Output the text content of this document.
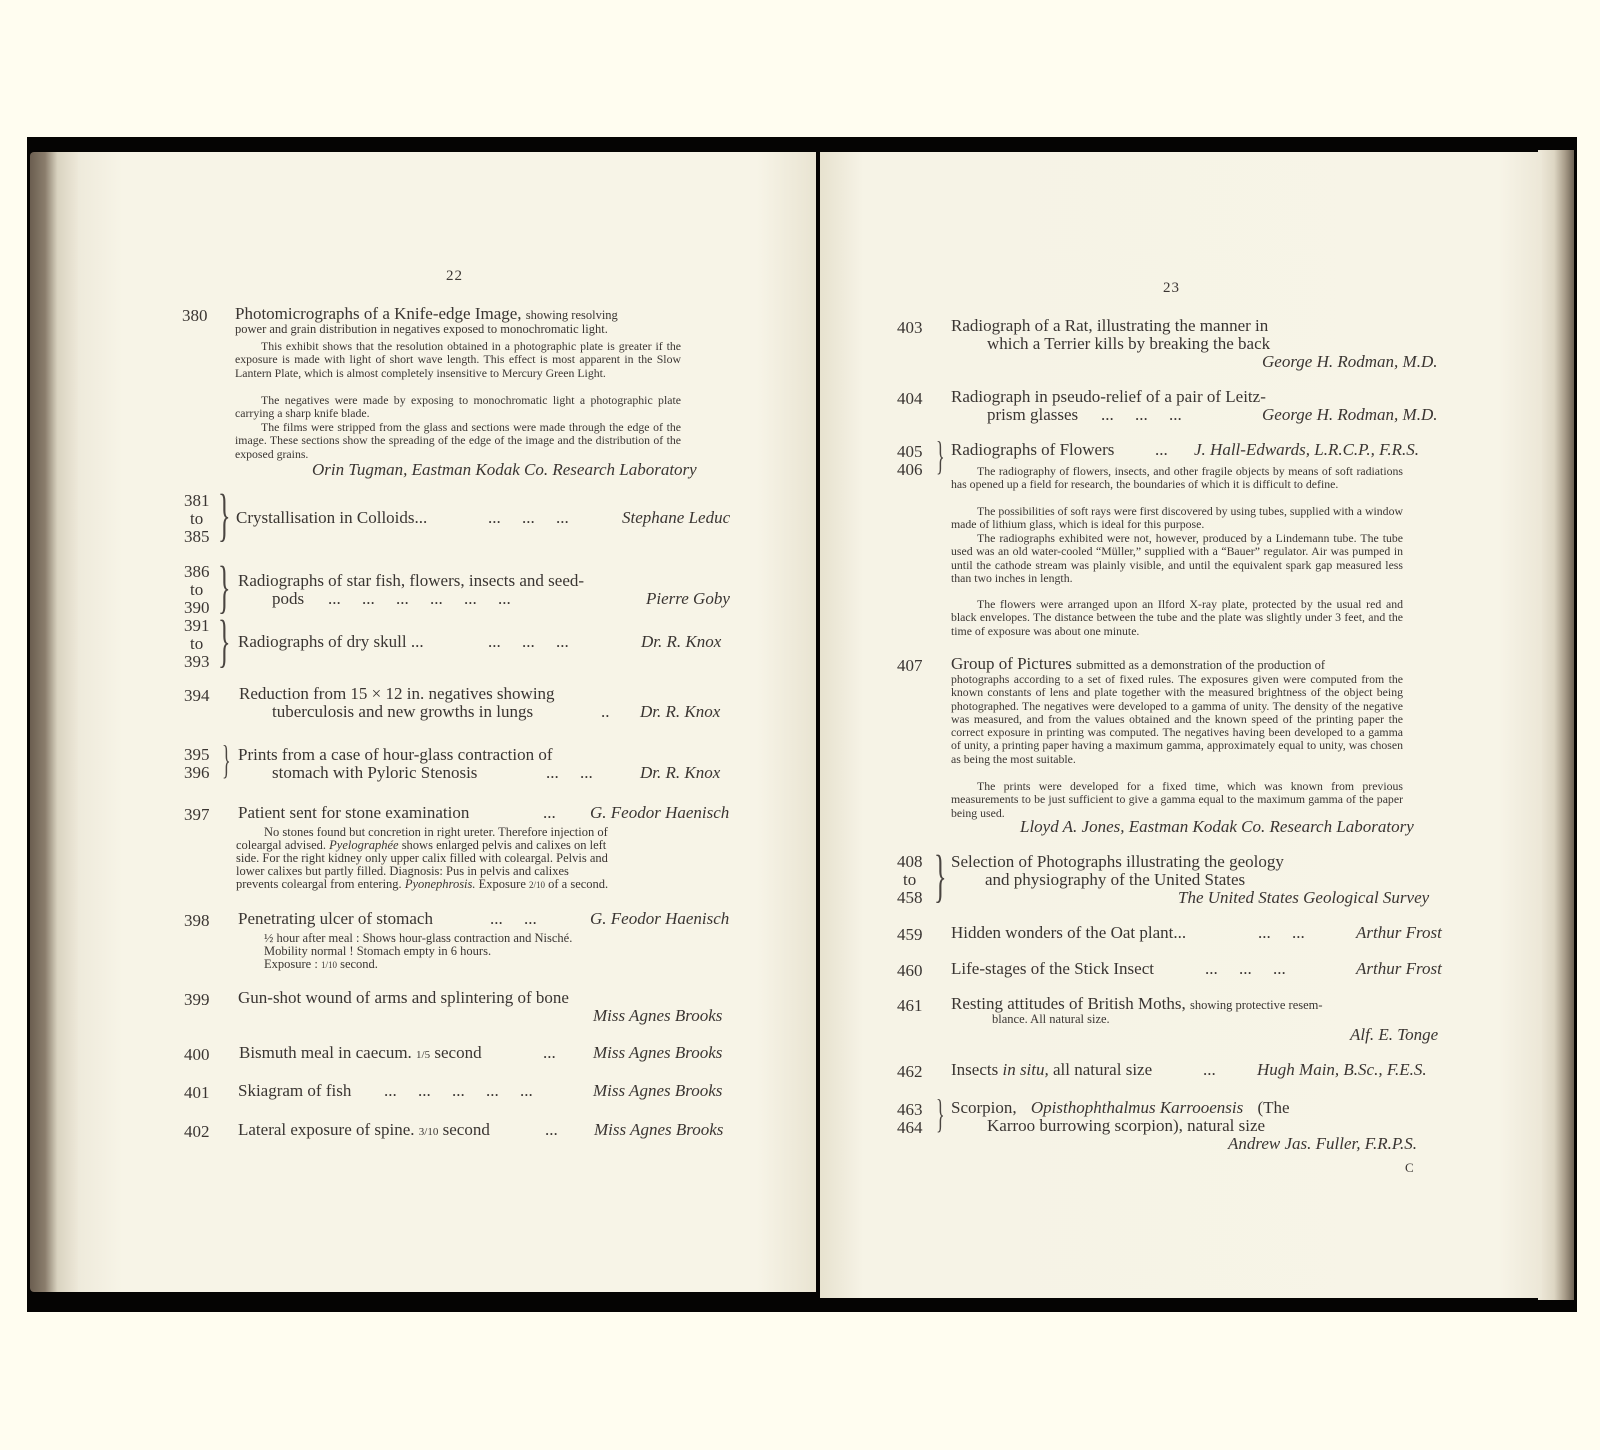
22
380 Photomicrographs of a Knife-edge Image, showing resolving
power and grain distribution in negatives exposed to monochromatic light.
This exhibit shows that the resolution obtained in a photographic plate is greater if the exposure is made with light of short wave length. This effect is most apparent in the Slow Lantern Plate, which is almost completely insensitive to Mercury Green Light.
The negatives were made by exposing to monochromatic light a photographic plate carrying a sharp knife blade.
The films were stripped from the glass and sections were made through the edge of the image. These sections show the spreading of the edge of the image and the distribution of the exposed grains.
Orin Tugman, Eastman Kodak Co. Research Laboratory
381
to
385 } Crystallisation in Colloids...	...     ...     ...	Stephane Leduc
386
to
390 } Radiographs of star fish, flowers, insects and seed-
pods ...     ...     ...     ...     ...     ...	Pierre Goby
391
to
393 } Radiographs of dry skull ...	...     ...     ...	Dr. R. Knox
394 Reduction from 15 × 12 in. negatives showing
tuberculosis and new growths in lungs	.. Dr. R. Knox
395
396 } Prints from a case of hour-glass contraction of
stomach with Pyloric Stenosis	...     ...	Dr. R. Knox
397 Patient sent for stone examination	... G. Feodor Haenisch
No stones found but concretion in right ureter. Therefore injection of
coleargal advised. Pyelographée shows enlarged pelvis and calixes on left
side. For the right kidney only upper calix filled with coleargal. Pelvis and
lower calixes but partly filled. Diagnosis: Pus in pelvis and calixes
prevents coleargal from entering. Pyonephrosis. Exposure 2/10 of a second.
398 Penetrating ulcer of stomach	...     ...	G. Feodor Haenisch
½ hour after meal : Shows hour-glass contraction and Nisché.
Mobility normal ! Stomach empty in 6 hours.
Exposure : 1/10 second.
399 Gun-shot wound of arms and splintering of bone
Miss Agnes Brooks
400 Bismuth meal in caecum. 1/5 second	... Miss Agnes Brooks
401 Skiagram of fish ...     ...     ...     ...     ...	Miss Agnes Brooks
402 Lateral exposure of spine. 3/10 second	... Miss Agnes Brooks
23
403 Radiograph of a Rat, illustrating the manner in
which a Terrier kills by breaking the back
George H. Rodman, M.D.
404 Radiograph in pseudo-relief of a pair of Leitz-
prism glasses ...     ...     ...	George H. Rodman, M.D.
405
406 } Radiographs of Flowers ... J. Hall-Edwards, L.R.C.P., F.R.S.
The radiography of flowers, insects, and other fragile objects by means of soft radiations has opened up a field for research, the boundaries of which it is difficult to define.
The possibilities of soft rays were first discovered by using tubes, supplied with a window made of lithium glass, which is ideal for this purpose.
The radiographs exhibited were not, however, produced by a Lindemann tube. The tube used was an old water-cooled “Müller,” supplied with a “Bauer” regulator. Air was pumped in until the cathode stream was plainly visible, and until the equivalent spark gap measured less than two inches in length.
The flowers were arranged upon an Ilford X-ray plate, protected by the usual red and black envelopes. The distance between the tube and the plate was slightly under 3 feet, and the time of exposure was about one minute.
407 Group of Pictures submitted as a demonstration of the production of
photographs according to a set of fixed rules. The exposures given were computed from the known constants of lens and plate together with the measured brightness of the object being photographed. The negatives were developed to a gamma of unity. The density of the negative was measured, and from the values obtained and the known speed of the printing paper the correct exposure in printing was computed. The negatives having been developed to a gamma of unity, a printing paper having a maximum gamma, approximately equal to unity, was chosen as being the most suitable.
The prints were developed for a fixed time, which was known from previous measurements to be just sufficient to give a gamma equal to the maximum gamma of the paper being used.
Lloyd A. Jones, Eastman Kodak Co. Research Laboratory
408
to
458 } Selection of Photographs illustrating the geology
and physiography of the United States
The United States Geological Survey
459 Hidden wonders of the Oat plant...	...     ...	Arthur Frost
460 Life-stages of the Stick Insect	...     ...     ...	Arthur Frost
461 Resting attitudes of British Moths, showing protective resem-
blance. All natural size.
Alf. E. Tonge
462 Insects in situ, all natural size	... Hugh Main, B.Sc., F.E.S.
463
464 } Scorpion, Opisthophthalmus Karrooensis (The
Karroo burrowing scorpion), natural size
Andrew Jas. Fuller, F.R.P.S.
C
